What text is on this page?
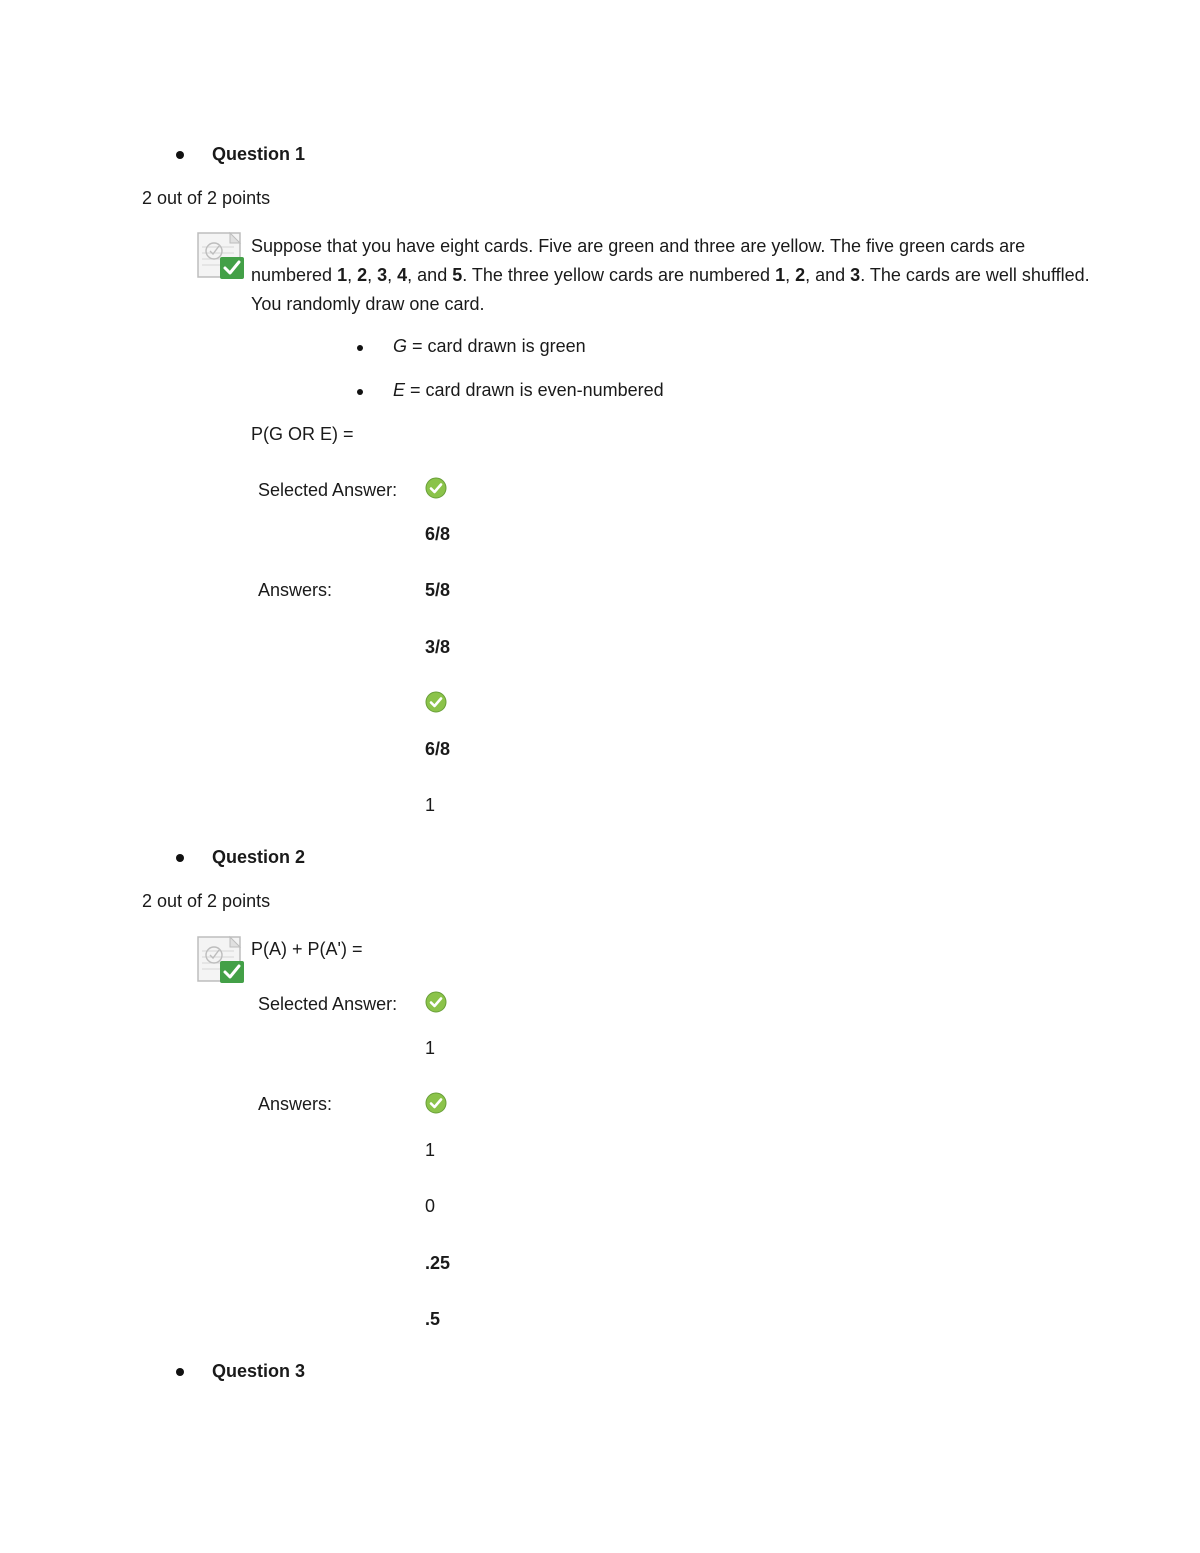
Question 1
2 out of 2 points
Suppose that you have eight cards. Five are green and three are yellow. The five green cards are numbered 1, 2, 3, 4, and 5. The three yellow cards are numbered 1, 2, and 3. The cards are well shuffled. You randomly draw one card.
G = card drawn is green
E = card drawn is even-numbered
P(G OR E) =
Selected Answer:
6/8
Answers:	5/8
3/8
6/8
1
Question 2
2 out of 2 points
P(A) + P(A') =
Selected Answer:
1
Answers:
1
0
.25
.5
Question 3
